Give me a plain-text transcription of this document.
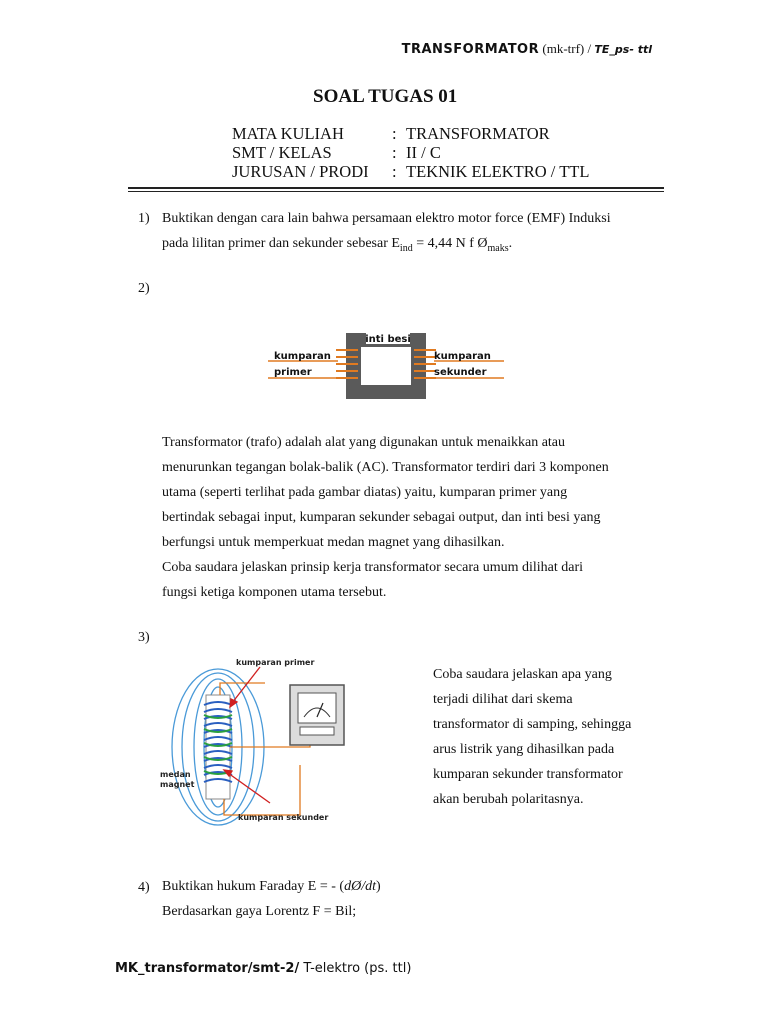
TRANSFORMATOR (mk-trf) / TE_ps- ttl
SOAL TUGAS 01
MATA KULIAH	: TRANSFORMATOR
SMT / KELAS	: II / C
JURUSAN / PRODI	: TEKNIK ELEKTRO / TTL
1) Buktikan dengan cara lain bahwa persamaan elektro motor force (EMF) Induksi
pada lilitan primer dan sekunder sebesar $E_{ind} = 4,44$ N f $Ø_{maks}$.
2)
inti besi
kumparan
primer
kumparan
sekunder
Transformator (trafo) adalah alat yang digunakan untuk menaikkan atau
menurunkan tegangan bolak-balik (AC). Transformator terdiri dari 3 komponen
utama (seperti terlihat pada gambar diatas) yaitu, kumparan primer yang
bertindak sebagai input, kumparan sekunder sebagai output, dan inti besi yang
berfungsi untuk memperkuat medan magnet yang dihasilkan.
Coba saudara jelaskan prinsip kerja transformator secara umum dilihat dari
fungsi ketiga komponen utama tersebut.
3)
kumparan primer
medan
magnet
kumparan sekunder
Coba saudara jelaskan apa yang
terjadi dilihat dari skema
transformator di samping, sehingga
arus listrik yang dihasilkan pada
kumparan sekunder transformator
akan berubah polaritasnya.
4) Buktikan hukum Faraday E = - (dØ/dt)
Berdasarkan gaya Lorentz F = Bil;
MK_transformator/smt-2/ T-elektro (ps. ttl)
